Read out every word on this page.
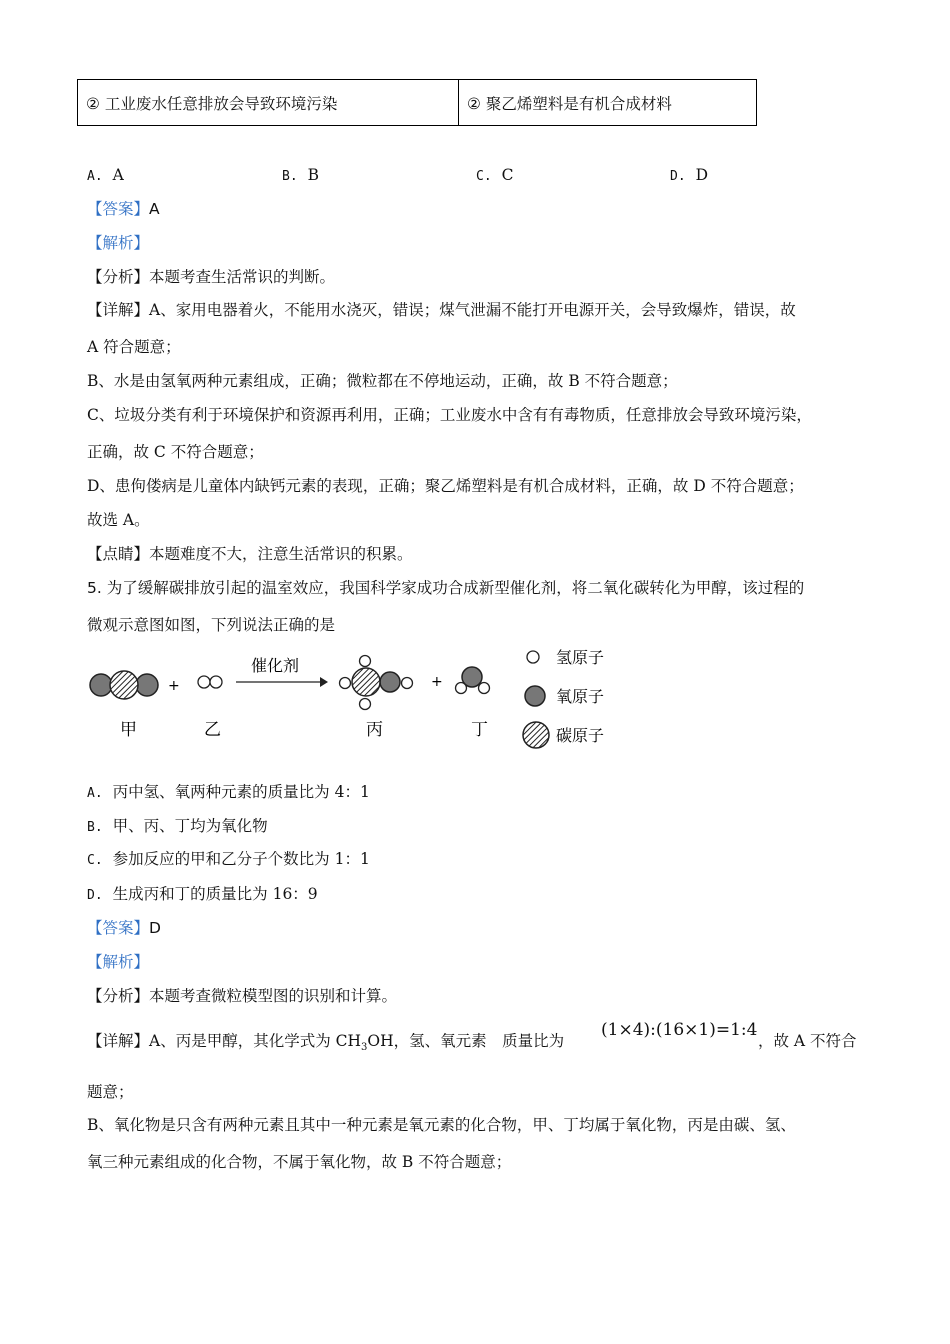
② 工业废水任意排放会导致环境污染	② 聚乙烯塑料是有机合成材料
A. A	B. B	C. C	D. D
【答案】A
【解析】
【分析】本题考查生活常识的判断。
【详解】A、家用电器着火，不能用水浇灭，错误；煤气泄漏不能打开电源开关，会导致爆炸，错误，故
A 符合题意；
B、水是由氢氧两种元素组成，正确；微粒都在不停地运动，正确，故 B 不符合题意；
C、垃圾分类有利于环境保护和资源再利用，正确；工业废水中含有有毒物质，任意排放会导致环境污染，
正确，故 C 不符合题意；
D、患佝偻病是儿童体内缺钙元素的表现，正确；聚乙烯塑料是有机合成材料，正确，故 D 不符合题意；
故选 A。
【点睛】本题难度不大，注意生活常识的积累。
5. 为了缓解碳排放引起的温室效应，我国科学家成功合成新型催化剂，将二氧化碳转化为甲醇，该过程的
微观示意图如图，下列说法正确的是
+
催化剂
+
甲	乙	丙	丁
氢原子
氧原子
碳原子
A. 丙中氢、氧两种元素的质量比为 4：1
B. 甲、丙、丁均为氧化物
C. 参加反应的甲和乙分子个数比为 1：1
D. 生成丙和丁的质量比为 16：9
【答案】D
【解析】
【分析】本题考查微粒模型图的识别和计算。
【详解】A、丙是甲醇，其化学式为 $CH_3OH$，氢、氧元素　质量比为
(1×4):(16×1)=1:4
，故 A 不符合
题意；
B、氧化物是只含有两种元素且其中一种元素是氧元素的化合物，甲、丁均属于氧化物，丙是由碳、氢、
氧三种元素组成的化合物，不属于氧化物，故 B 不符合题意；
